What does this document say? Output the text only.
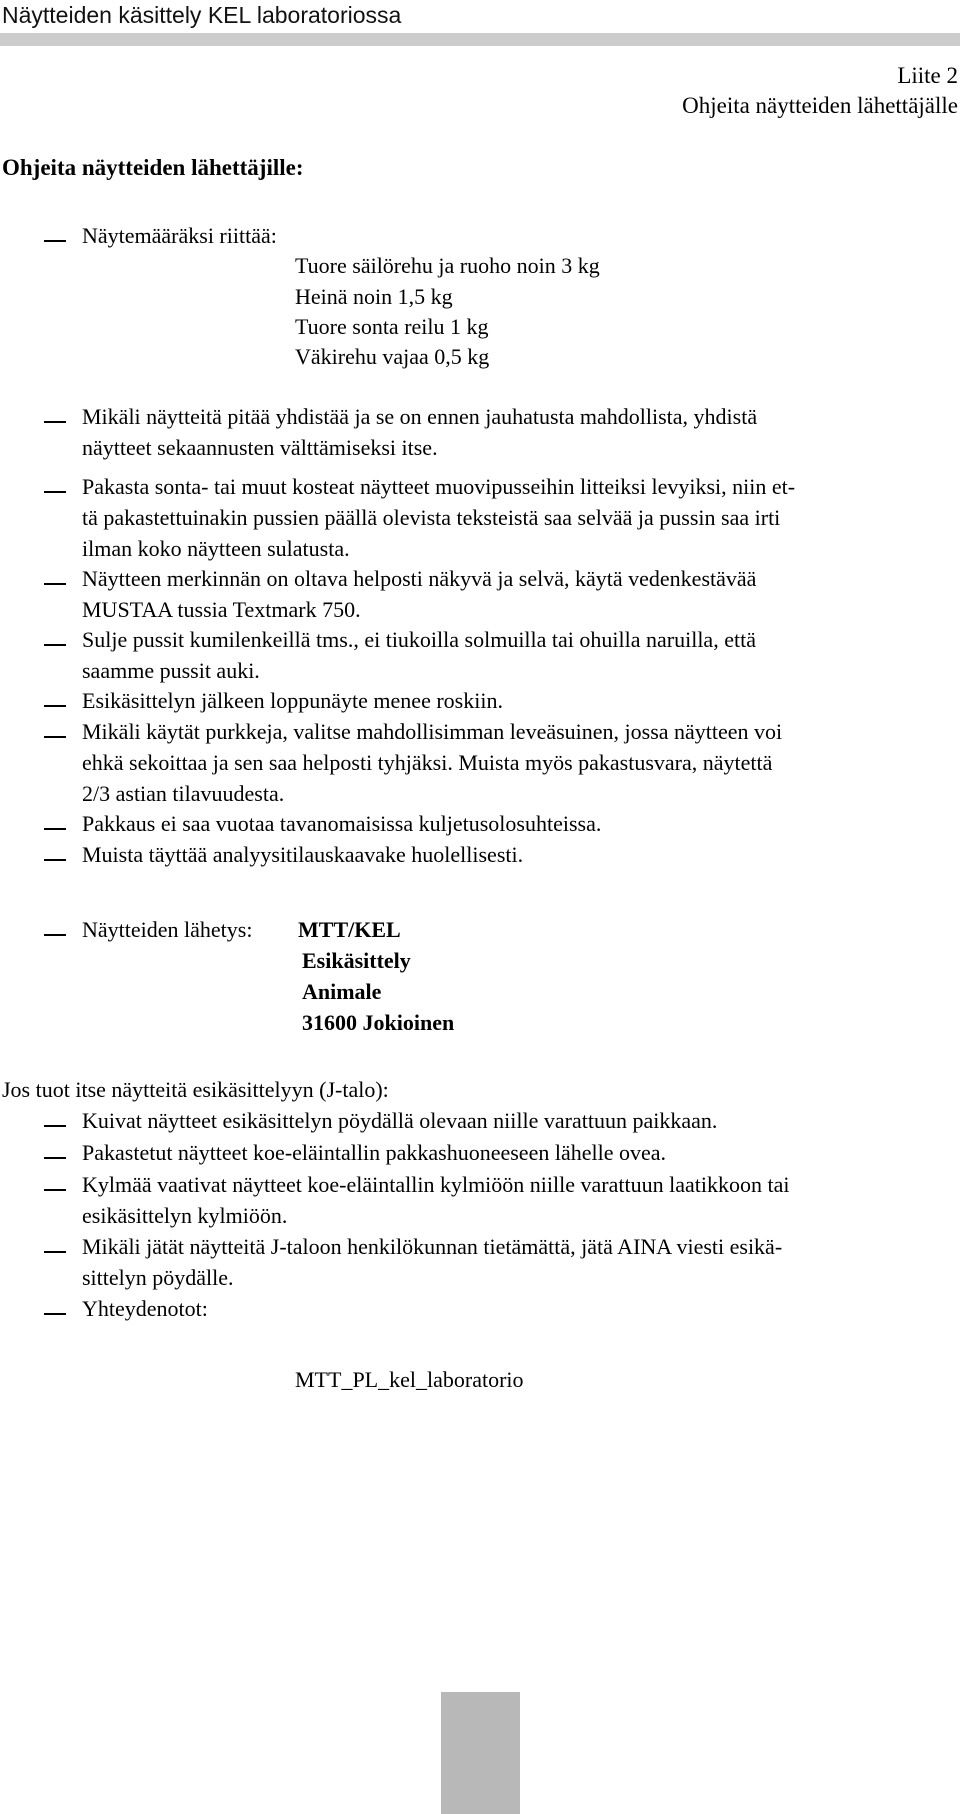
Näytteiden käsittely KEL laboratoriossa
Liite 2
Ohjeita näytteiden lähettäjälle
Ohjeita näytteiden lähettäjille:
Näytemääräksi riittää:
Tuore säilörehu ja ruoho noin 3 kg
Heinä noin 1,5 kg
Tuore sonta reilu 1 kg
Väkirehu vajaa 0,5 kg
Mikäli näytteitä pitää yhdistää ja se on ennen jauhatusta mahdollista, yhdistä
näytteet sekaannusten välttämiseksi itse.
Pakasta sonta- tai muut kosteat näytteet muovipusseihin litteiksi levyiksi, niin et-
tä pakastettuinakin pussien päällä olevista teksteistä saa selvää ja pussin saa irti
ilman koko näytteen sulatusta.
Näytteen merkinnän on oltava helposti näkyvä ja selvä, käytä vedenkestävää
MUSTAA tussia Textmark 750.
Sulje pussit kumilenkeillä tms., ei tiukoilla solmuilla tai ohuilla naruilla, että
saamme pussit auki.
Esikäsittelyn jälkeen loppunäyte menee roskiin.
Mikäli käytät purkkeja, valitse mahdollisimman leveäsuinen, jossa näytteen voi
ehkä sekoittaa ja sen saa helposti tyhjäksi. Muista myös pakastusvara, näytettä
2/3 astian tilavuudesta.
Pakkaus ei saa vuotaa tavanomaisissa kuljetusolosuhteissa.
Muista täyttää analyysitilauskaavake huolellisesti.
Näytteiden lähetys: MTT/KEL
Esikäsittely
Animale
31600 Jokioinen
Jos tuot itse näytteitä esikäsittelyyn (J-talo):
Kuivat näytteet esikäsittelyn pöydällä olevaan niille varattuun paikkaan.
Pakastetut näytteet koe-eläintallin pakkashuoneeseen lähelle ovea.
Kylmää vaativat näytteet koe-eläintallin kylmiöön niille varattuun laatikkoon tai
esikäsittelyn kylmiöön.
Mikäli jätät näytteitä J-taloon henkilökunnan tietämättä, jätä AINA viesti esikä-
sittelyn pöydälle.
Yhteydenotot:
MTT_PL_kel_laboratorio
